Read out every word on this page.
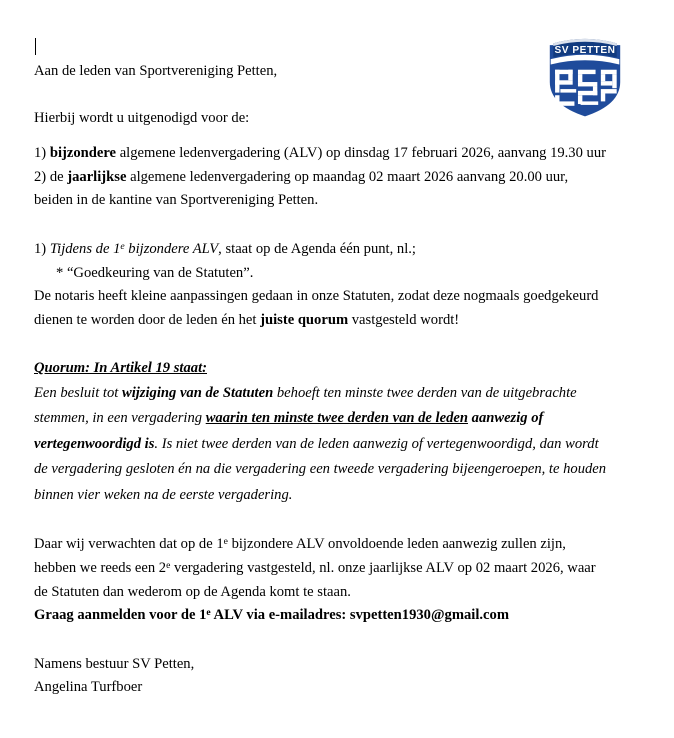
SV PETTEN
Aan de leden van Sportvereniging Petten,
Hierbij wordt u uitgenodigd voor de:
1) bijzondere algemene ledenvergadering (ALV) op dinsdag 17 februari 2026, aanvang 19.30 uur
2) de jaarlijkse algemene ledenvergadering op maandag 02 maart 2026 aanvang 20.00 uur,
beiden in de kantine van Sportvereniging Petten.
1) Tijdens de 1e bijzondere ALV, staat op de Agenda één punt, nl.;
* “Goedkeuring van de Statuten”.
De notaris heeft kleine aanpassingen gedaan in onze Statuten, zodat deze nogmaals goedgekeurd
dienen te worden door de leden én het juiste quorum vastgesteld wordt!
Quorum: In Artikel 19 staat:
Een besluit tot wijziging van de Statuten behoeft ten minste twee derden van de uitgebrachte
stemmen, in een vergadering waarin ten minste twee derden van de leden aanwezig of
vertegenwoordigd is. Is niet twee derden van de leden aanwezig of vertegenwoordigd, dan wordt
de vergadering gesloten én na die vergadering een tweede vergadering bijeengeroepen, te houden
binnen vier weken na de eerste vergadering.
Daar wij verwachten dat op de 1e bijzondere ALV onvoldoende leden aanwezig zullen zijn,
hebben we reeds een 2e vergadering vastgesteld, nl. onze jaarlijkse ALV op 02 maart 2026, waar
de Statuten dan wederom op de Agenda komt te staan.
Graag aanmelden voor de 1e ALV via e-mailadres: svpetten1930@gmail.com
Namens bestuur SV Petten,
Angelina Turfboer
